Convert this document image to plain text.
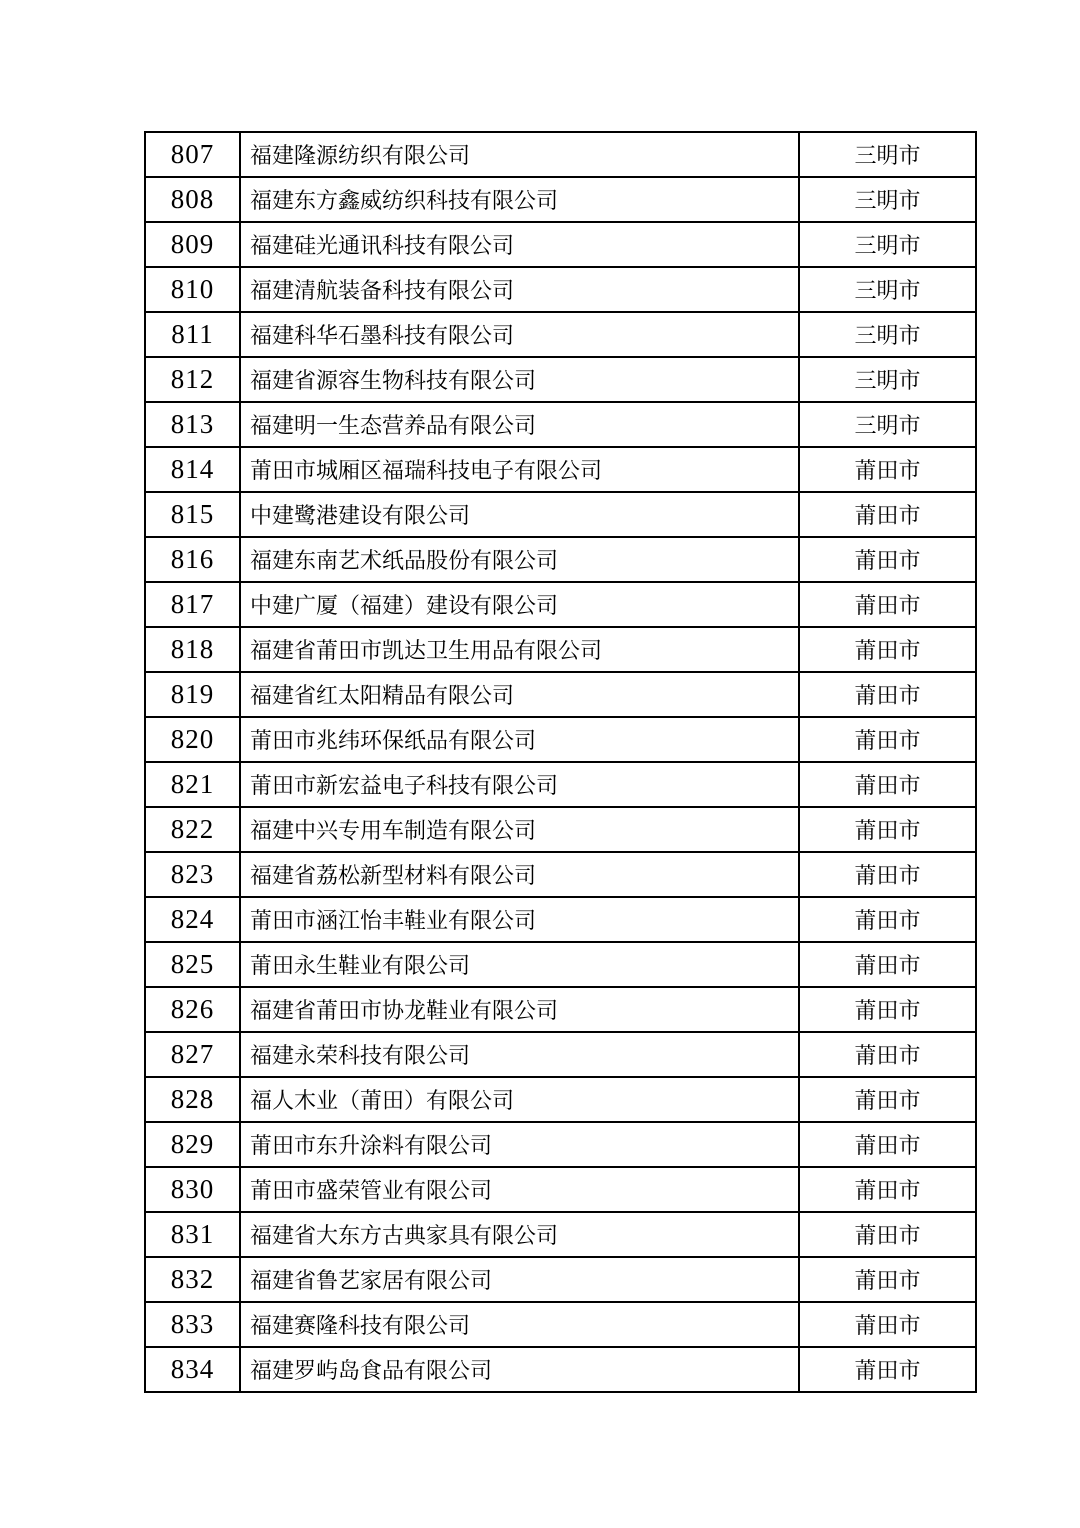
807	福建隆源纺织有限公司	三明市
808	福建东方鑫威纺织科技有限公司	三明市
809	福建硅光通讯科技有限公司	三明市
810	福建清航装备科技有限公司	三明市
811	福建科华石墨科技有限公司	三明市
812	福建省源容生物科技有限公司	三明市
813	福建明一生态营养品有限公司	三明市
814	莆田市城厢区福瑞科技电子有限公司	莆田市
815	中建鹭港建设有限公司	莆田市
816	福建东南艺术纸品股份有限公司	莆田市
817	中建广厦（福建）建设有限公司	莆田市
818	福建省莆田市凯达卫生用品有限公司	莆田市
819	福建省红太阳精品有限公司	莆田市
820	莆田市兆纬环保纸品有限公司	莆田市
821	莆田市新宏益电子科技有限公司	莆田市
822	福建中兴专用车制造有限公司	莆田市
823	福建省荔松新型材料有限公司	莆田市
824	莆田市涵江怡丰鞋业有限公司	莆田市
825	莆田永生鞋业有限公司	莆田市
826	福建省莆田市协龙鞋业有限公司	莆田市
827	福建永荣科技有限公司	莆田市
828	福人木业（莆田）有限公司	莆田市
829	莆田市东升涂料有限公司	莆田市
830	莆田市盛荣管业有限公司	莆田市
831	福建省大东方古典家具有限公司	莆田市
832	福建省鲁艺家居有限公司	莆田市
833	福建赛隆科技有限公司	莆田市
834	福建罗屿岛食品有限公司	莆田市
